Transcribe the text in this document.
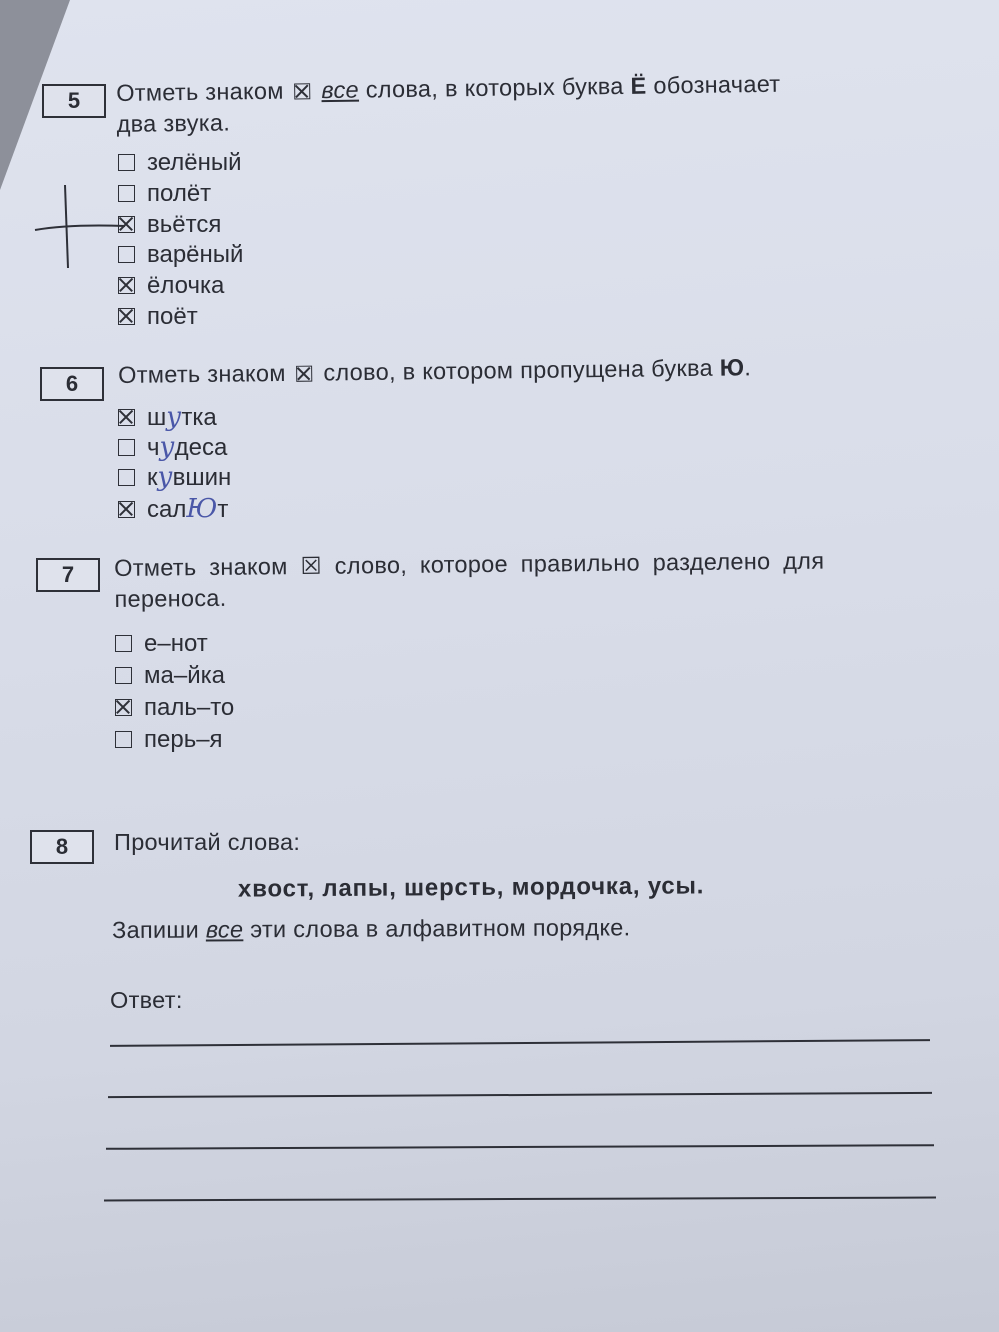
5	Отметь знаком все слова, в которых буква Ё обозначает
два звука.
зелёный
полёт
вьётся
варёный
ёлочка
поёт
6	Отметь знаком слово, в котором пропущена буква Ю.
шутка
чудеса
кувшин
салЮт
7	Отметь знаком ☒ слово, которое правильно разделено для
переноса.
е–нот
ма–йка
паль–то
перь–я
8	Прочитай слова:
хвост, лапы, шерсть, мордочка, усы.
Запиши все эти слова в алфавитном порядке.
Ответ:
